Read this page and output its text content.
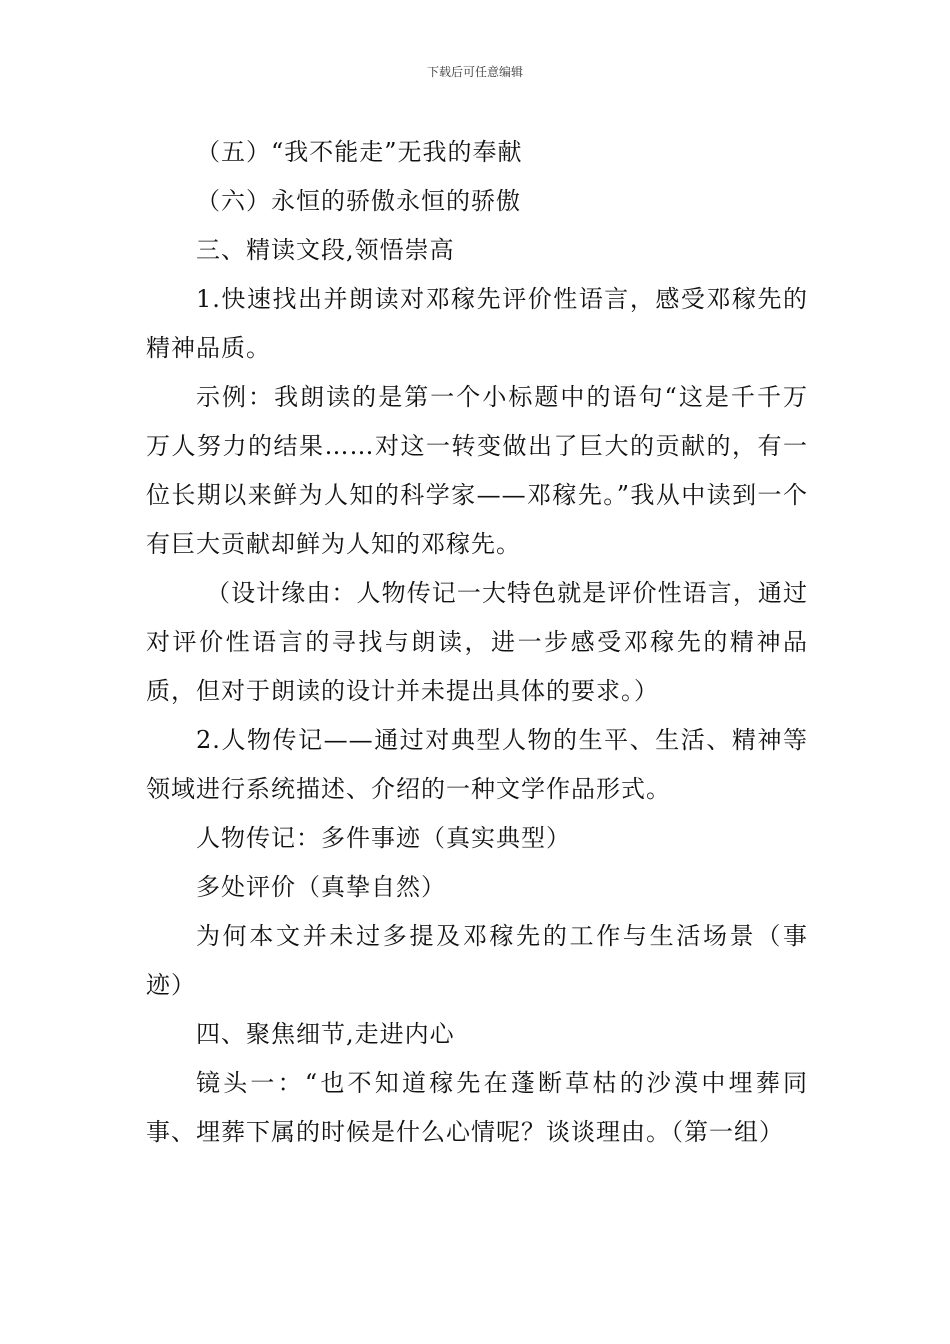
下载后可任意编辑

（五）“我不能走”无我的奉献

（六）永恒的骄傲永恒的骄傲

三、精读文段,领悟崇高

1.快速找出并朗读对邓稼先评价性语言，感受邓稼先的精神品质。

示例：我朗读的是第一个小标题中的语句“这是千千万万人努力的结果……对这一转变做出了巨大的贡献的，有一位长期以来鲜为人知的科学家——邓稼先。”我从中读到一个有巨大贡献却鲜为人知的邓稼先。

（设计缘由：人物传记一大特色就是评价性语言，通过对评价性语言的寻找与朗读，进一步感受邓稼先的精神品质，但对于朗读的设计并未提出具体的要求。）

2.人物传记——通过对典型人物的生平、生活、精神等领域进行系统描述、介绍的一种文学作品形式。

人物传记：多件事迹（真实典型）

多处评价（真挚自然）

为何本文并未过多提及邓稼先的工作与生活场景（事迹）

四、聚焦细节,走进内心

镜头一：“也不知道稼先在蓬断草枯的沙漠中埋葬同事、埋葬下属的时候是什么心情呢？谈谈理由。（第一组）
